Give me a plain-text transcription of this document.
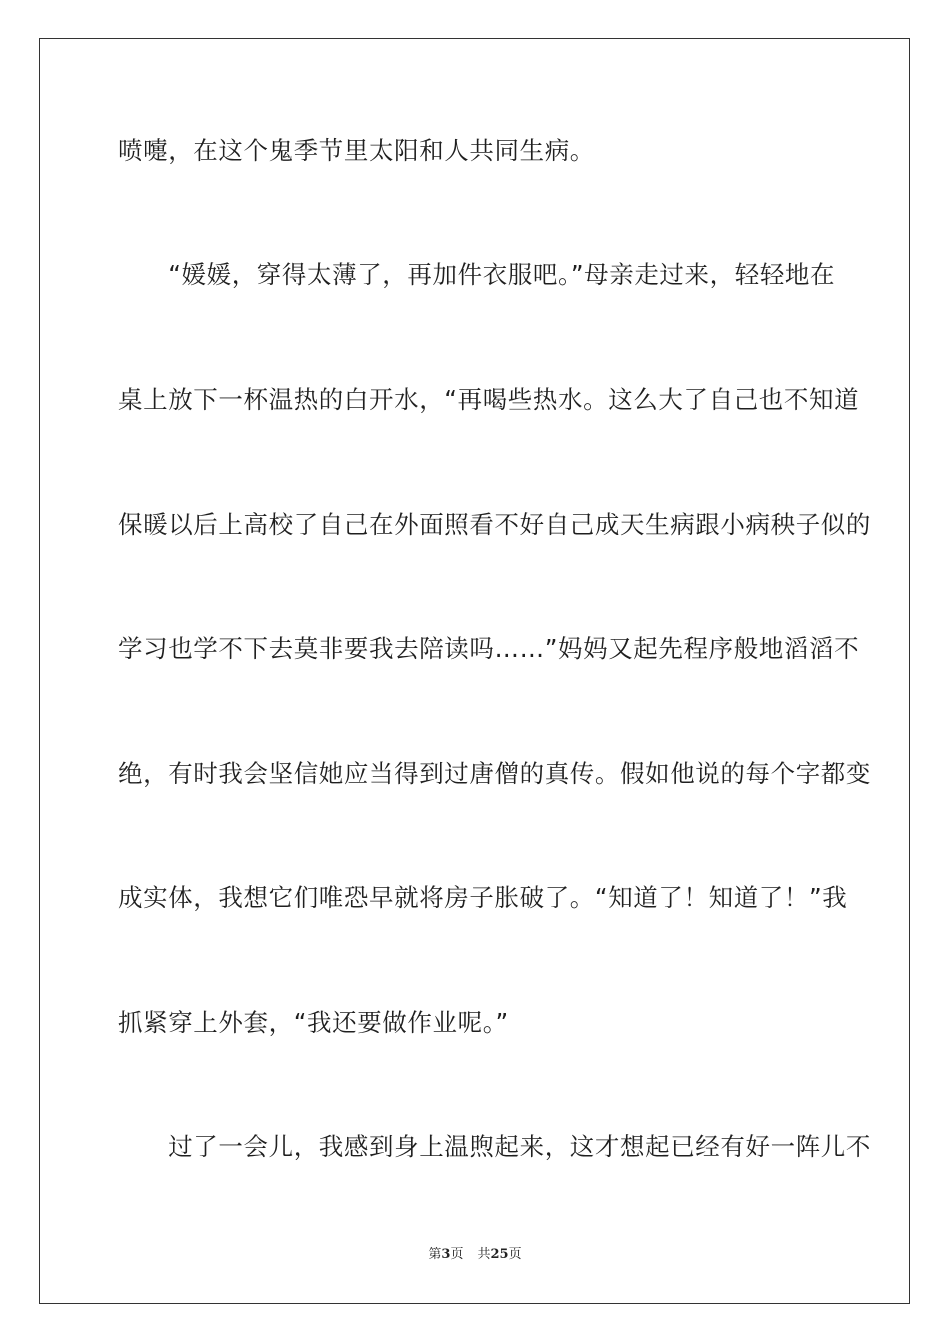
喷嚏，在这个鬼季节里太阳和人共同生病。
　　“媛媛，穿得太薄了，再加件衣服吧。”母亲走过来，轻轻地在
桌上放下一杯温热的白开水，“再喝些热水。这么大了自己也不知道
保暖以后上高校了自己在外面照看不好自己成天生病跟小病秧子似的
学习也学不下去莫非要我去陪读吗……”妈妈又起先程序般地滔滔不
绝，有时我会坚信她应当得到过唐僧的真传。假如他说的每个字都变
成实体，我想它们唯恐早就将房子胀破了。“知道了！知道了！”我
抓紧穿上外套，“我还要做作业呢。”
　　过了一会儿，我感到身上温煦起来，这才想起已经有好一阵儿不
第3页 共25页
